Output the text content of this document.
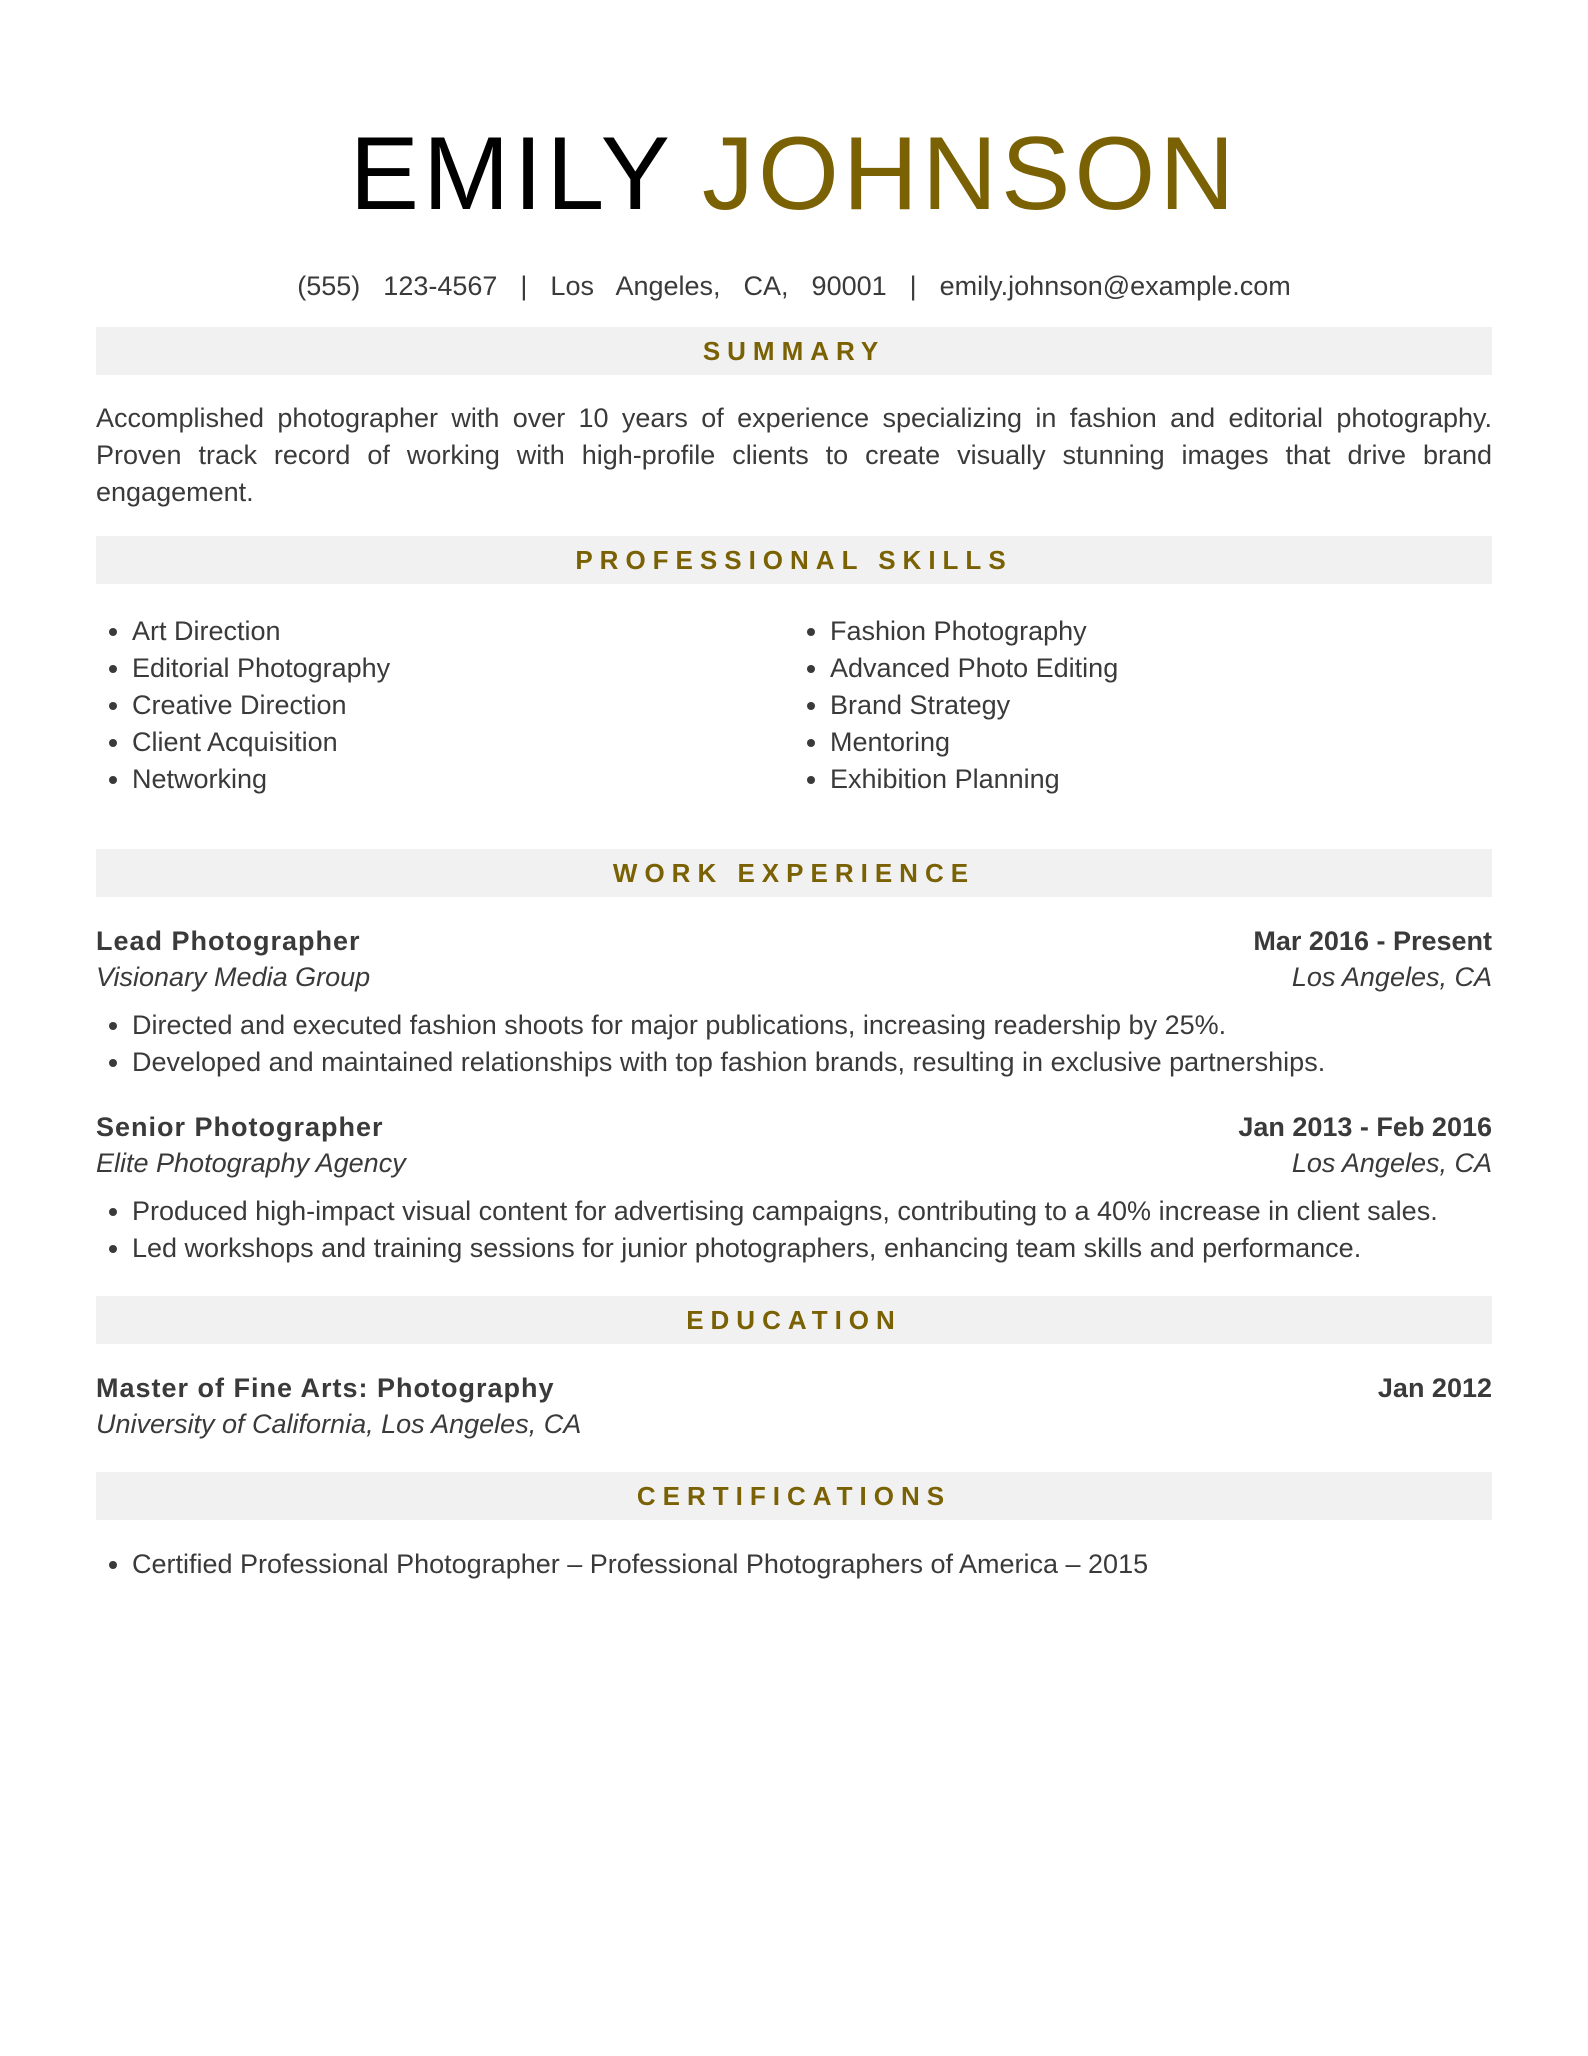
EMILY JOHNSON
(555)  123-4567  |  Los  Angeles,  CA,  90001  |  emily.johnson@example.com
SUMMARY

Accomplished photographer with over 10 years of experience specializing in fashion and editorial photography. Proven track record of working with high-profile clients to create visually stunning images that drive brand engagement.

PROFESSIONAL SKILLS
• Art Direction
• Editorial Photography
• Creative Direction
• Client Acquisition
• Networking
• Fashion Photography
• Advanced Photo Editing
• Brand Strategy
• Mentoring
• Exhibition Planning
WORK EXPERIENCE
Lead Photographer	Mar 2016 - Present
Visionary Media Group	Los Angeles, CA
• Directed and executed fashion shoots for major publications, increasing readership by 25%.
• Developed and maintained relationships with top fashion brands, resulting in exclusive partnerships.
Senior Photographer	Jan 2013 - Feb 2016
Elite Photography Agency	Los Angeles, CA
• Produced high-impact visual content for advertising campaigns, contributing to a 40% increase in client sales.
• Led workshops and training sessions for junior photographers, enhancing team skills and performance.
EDUCATION
Master of Fine Arts: Photography	Jan 2012
University of California, Los Angeles, CA
CERTIFICATIONS
• Certified Professional Photographer – Professional Photographers of America – 2015
